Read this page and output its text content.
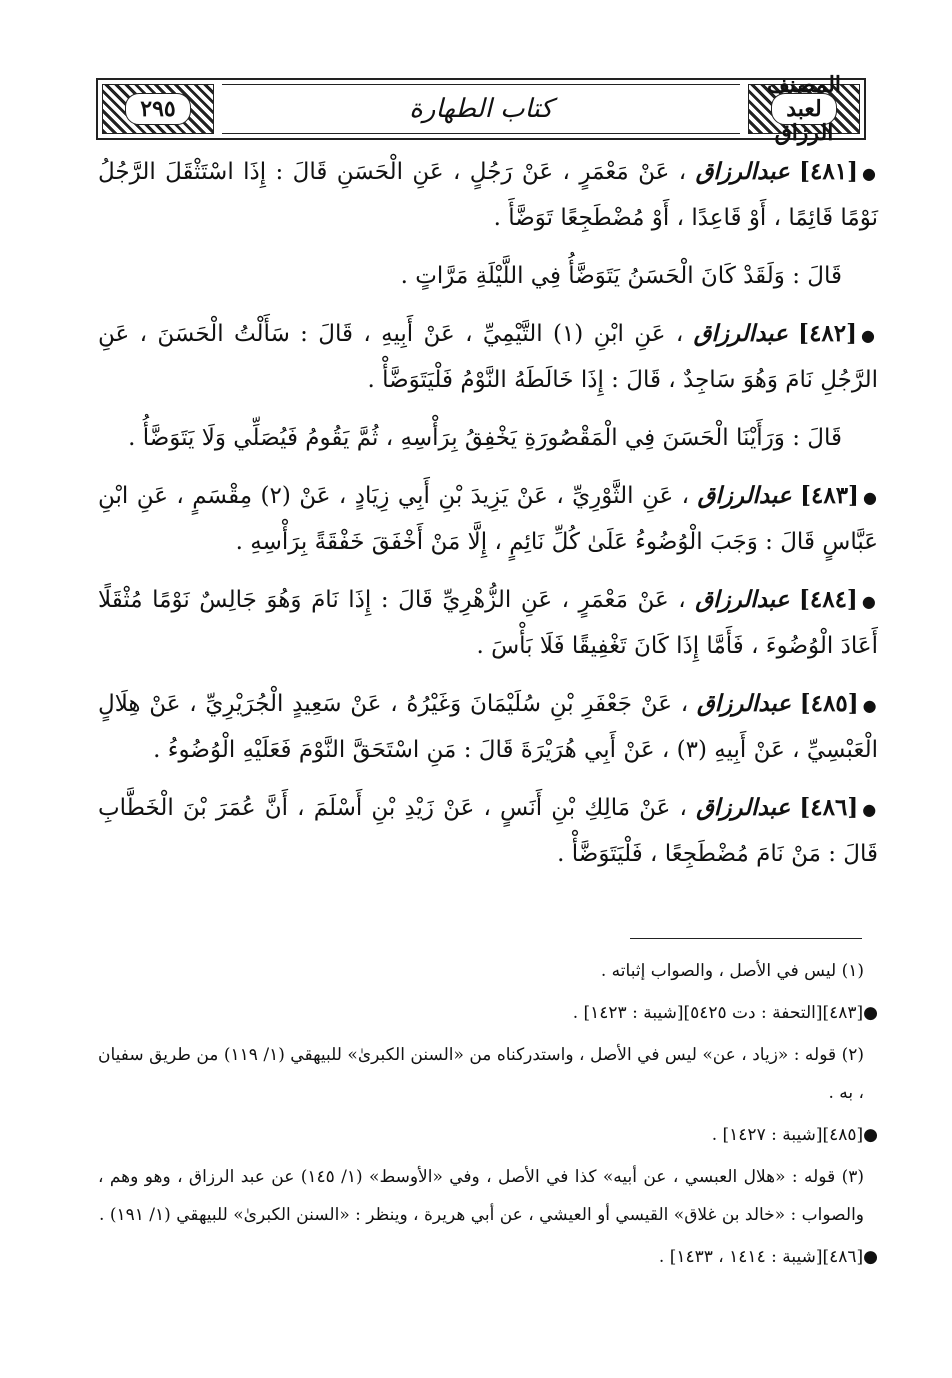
٢٩٥	كتاب الطهارة
المصنف لعبد الرزاق

●[٤٨١] عبدالرزاق ، عَنْ مَعْمَرٍ ، عَنْ رَجُلٍ ، عَنِ الْحَسَنِ قَالَ : إِذَا اسْتَثْقَلَ الرَّجُلُ نَوْمًا قَائِمًا ، أَوْ قَاعِدًا ، أَوْ مُضْطَجِعًا تَوَضَّأَ .

قَالَ : وَلَقَدْ كَانَ الْحَسَنُ يَتَوَضَّأُ فِي اللَّيْلَةِ مَرَّاتٍ .

●[٤٨٢] عبدالرزاق ، عَنِ ابْنِ (١) التَّيْمِيِّ ، عَنْ أَبِيهِ ، قَالَ : سَأَلْتُ الْحَسَنَ ، عَنِ الرَّجُلِ نَامَ وَهُوَ سَاجِدٌ ، قَالَ : إِذَا خَالَطَهُ النَّوْمُ فَلْيَتَوَضَّأْ .

قَالَ : وَرَأَيْنَا الْحَسَنَ فِي الْمَقْصُورَةِ يَخْفِقُ بِرَأْسِهِ ، ثُمَّ يَقُومُ فَيُصَلِّي وَلَا يَتَوَضَّأُ .

●[٤٨٣] عبدالرزاق ، عَنِ الثَّوْرِيِّ ، عَنْ يَزِيدَ بْنِ أَبِي زِيَادٍ ، عَنْ (٢) مِقْسَمٍ ، عَنِ ابْنِ عَبَّاسٍ قَالَ : وَجَبَ الْوُضُوءُ عَلَىٰ كُلِّ نَائِمٍ ، إِلَّا مَنْ أَخْفَقَ خَفْقَةً بِرَأْسِهِ .

●[٤٨٤] عبدالرزاق ، عَنْ مَعْمَرٍ ، عَنِ الزُّهْرِيِّ قَالَ : إِذَا نَامَ وَهُوَ جَالِسٌ نَوْمًا مُثْقَلًا أَعَادَ الْوُضُوءَ ، فَأَمَّا إِذَا كَانَ تَغْفِيقًا فَلَا بَأْسَ .

●[٤٨٥] عبدالرزاق ، عَنْ جَعْفَرِ بْنِ سُلَيْمَانَ وَغَيْرُهُ ، عَنْ سَعِيدٍ الْجُرَيْرِيِّ ، عَنْ هِلَالٍ الْعَبْسِيِّ ، عَنْ أَبِيهِ (٣) ، عَنْ أَبِي هُرَيْرَةَ قَالَ : مَنِ اسْتَحَقَّ النَّوْمَ فَعَلَيْهِ الْوُضُوءُ .

●[٤٨٦] عبدالرزاق ، عَنْ مَالِكِ بْنِ أَنَسٍ ، عَنْ زَيْدِ بْنِ أَسْلَمَ ، أَنَّ عُمَرَ بْنَ الْخَطَّابِ قَالَ : مَنْ نَامَ مُضْطَجِعًا ، فَلْيَتَوَضَّأْ .

(١) ليس في الأصل ، والصواب إثباته .

●[٤٨٣][التحفة : دت ٥٤٢٥][شيبة : ١٤٢٣] .

(٢) قوله : «زياد ، عن» ليس في الأصل ، واستدركناه من «السنن الكبرىٰ» للبيهقي (١/ ١١٩) من طريق سفيان ، به .

●[٤٨٥][شيبة : ١٤٢٧] .

(٣) قوله : «هلال العبسي ، عن أبيه» كذا في الأصل ، وفي «الأوسط» (١/ ١٤٥) عن عبد الرزاق ، وهو وهم ، والصواب : «خالد بن غلاق» القيسي أو العيشي ، عن أبي هريرة ، وينظر : «السنن الكبرىٰ» للبيهقي (١/ ١٩١) .

●[٤٨٦][شيبة : ١٤١٤ ، ١٤٣٣] .
